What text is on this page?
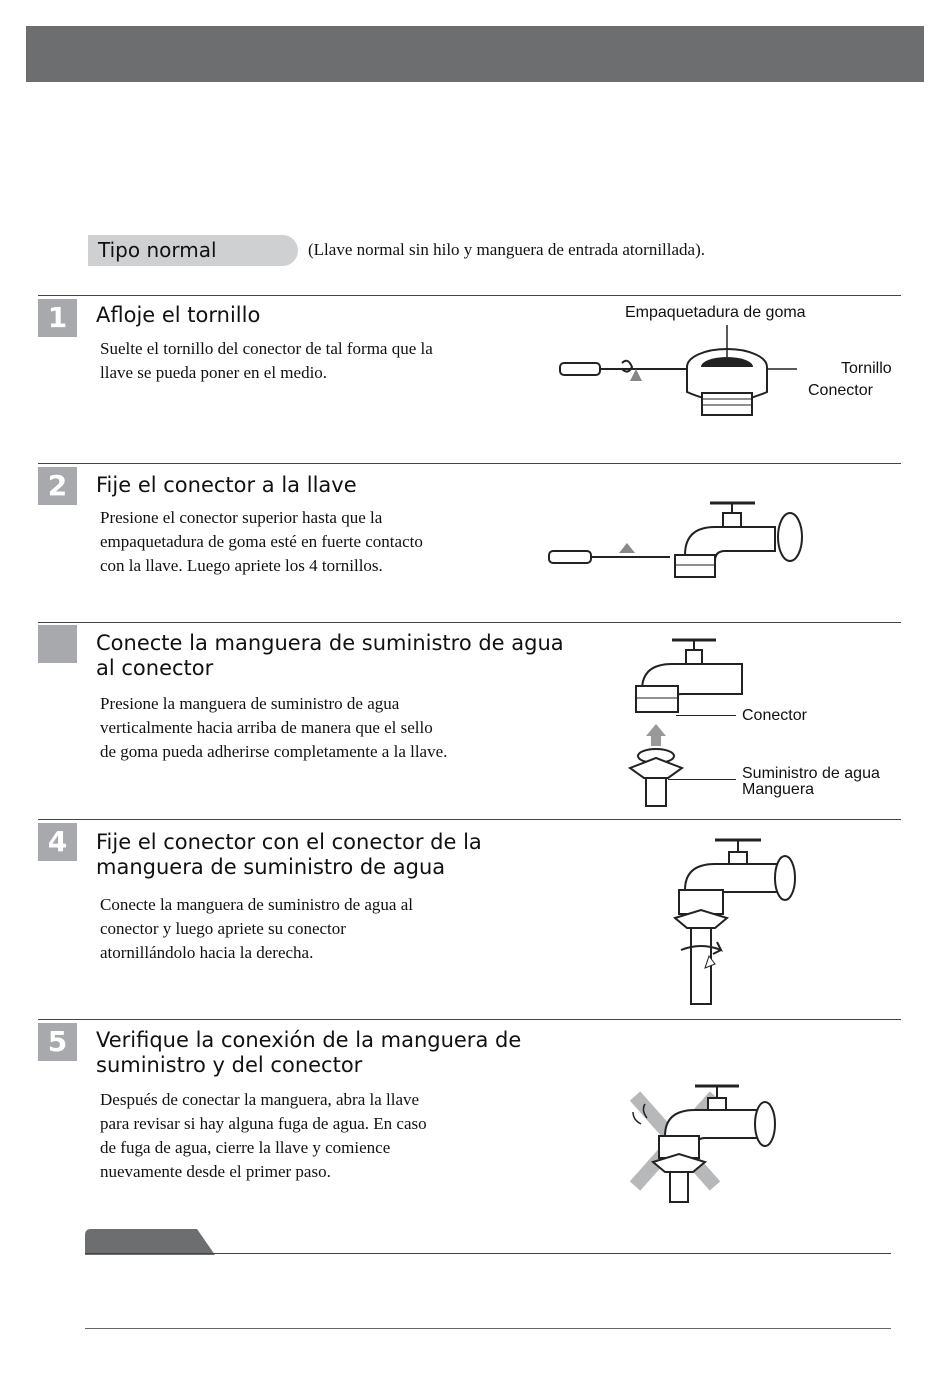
Tipo normal	(Llave normal sin hilo y manguera de entrada atornillada).
1	Afloje el tornillo
Suelte el tornillo del conector de tal forma que la
llave se pueda poner en el medio.
Empaquetadura de goma
Tornillo
Conector
2	Fije el conector a la llave
Presione el conector superior hasta que la
empaquetadura de goma esté en fuerte contacto
con la llave. Luego apriete los 4 tornillos.
Conecte la manguera de suministro de agua
al conector
Presione la manguera de suministro de agua
verticalmente hacia arriba de manera que el sello
de goma pueda adherirse completamente a la llave.
Conector
Suministro de agua
Manguera
4	Fije el conector con el conector de la
manguera de suministro de agua
Conecte la manguera de suministro de agua al
conector y luego apriete su conector
atornillándolo hacia la derecha.
5	Verifique la conexión de la manguera de
suministro y del conector
Después de conectar la manguera, abra la llave
para revisar si hay alguna fuga de agua. En caso
de fuga de agua, cierre la llave y comience
nuevamente desde el primer paso.
